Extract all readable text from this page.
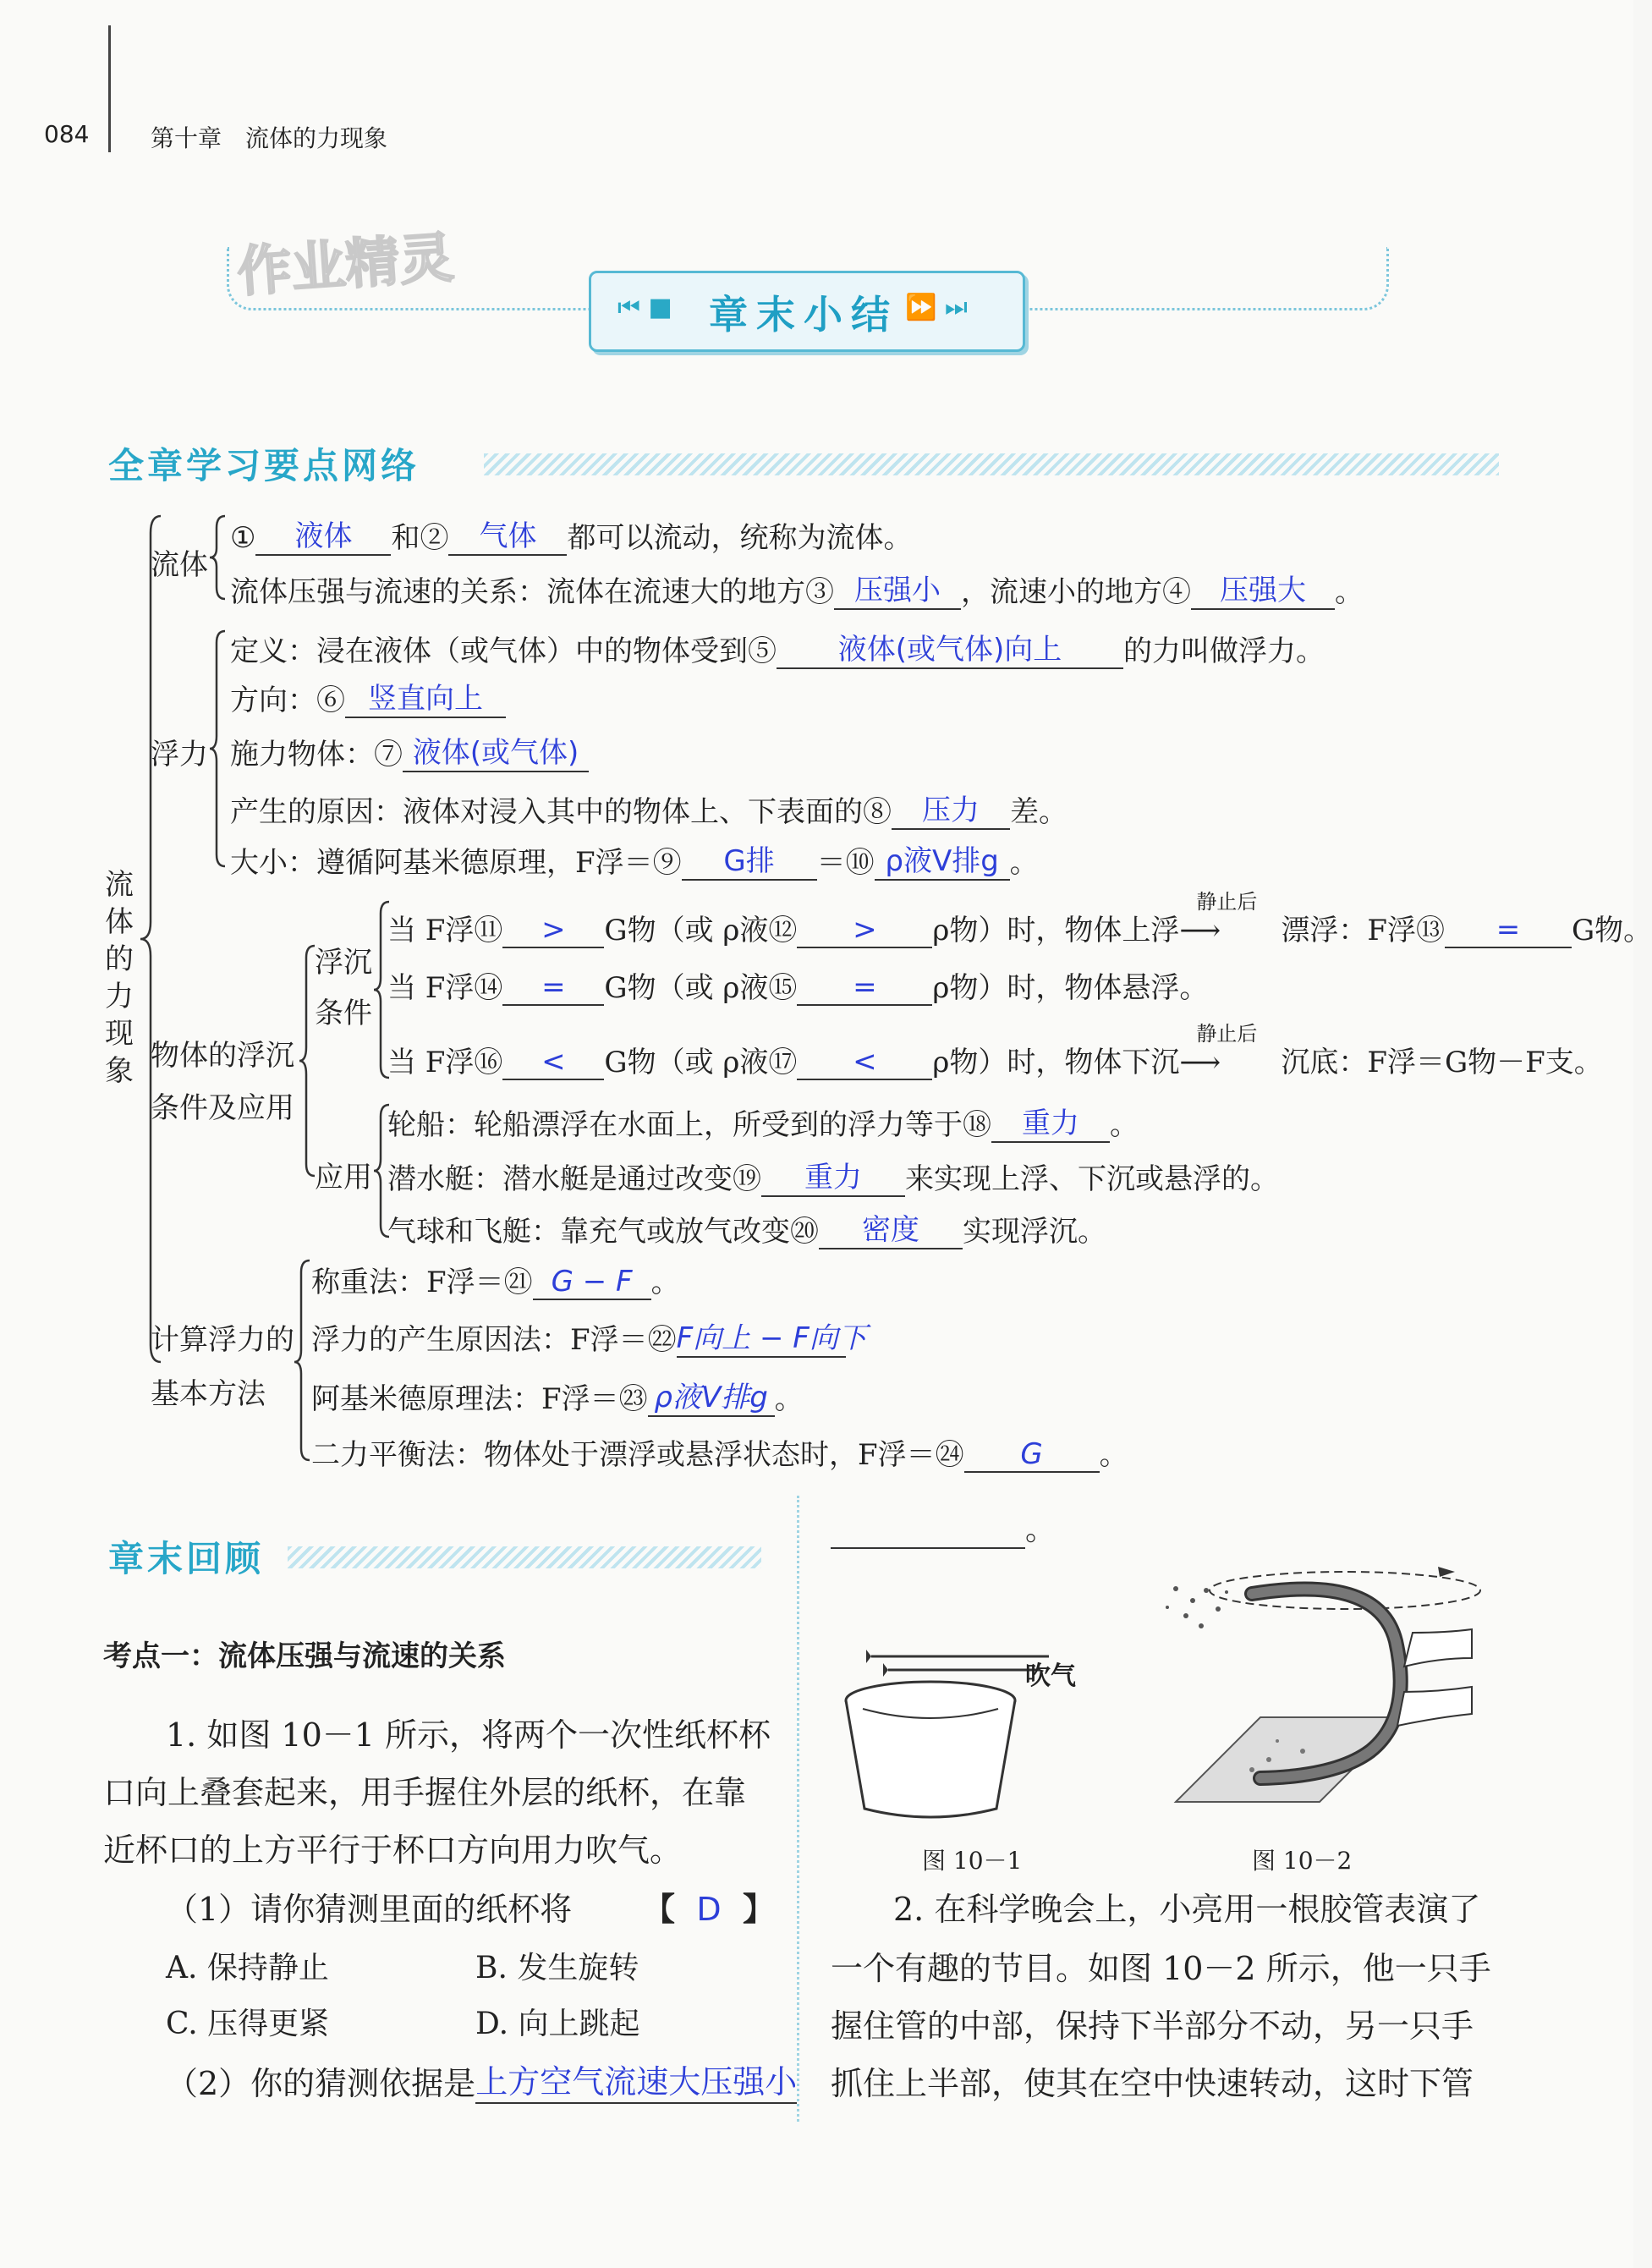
084	第十章　流体的力现象
作业精灵
⏮ ■ 章末小结 ⏩ ⏭
全章学习要点网络
流体的力现象
流体
① 液体 和② 气体 都可以流动，统称为流体。
流体压强与流速的关系：流体在流速大的地方③ 压强小 ，流速小的地方④ 压强大 。
浮力
定义：浸在液体（或气体）中的物体受到⑤ 液体(或气体)向上 的力叫做浮力。
方向：⑥ 竖直向上
施力物体：⑦ 液体(或气体)
产生的原因：液体对浸入其中的物体上、下表面的⑧ 压力 差。
大小：遵循阿基米德原理，F浮＝⑨ G排 ＝⑩ ρ液V排g 。
物体的浮沉
条件及应用
浮沉
条件
当 F浮⑪ > G物（或 ρ液⑫ > ρ物）时，物体上浮
静止后
⟶ 漂浮：F浮⑬ = G物。
当 F浮⑭ = G物（或 ρ液⑮ = ρ物）时，物体悬浮。
当 F浮⑯ < G物（或 ρ液⑰ < ρ物）时，物体下沉
静止后
⟶ 沉底：F浮＝G物－F支。
应用
轮船：轮船漂浮在水面上，所受到的浮力等于⑱ 重力 。
潜水艇：潜水艇是通过改变⑲ 重力 来实现上浮、下沉或悬浮的。
气球和飞艇：靠充气或放气改变⑳ 密度 实现浮沉。
计算浮力的
基本方法
称重法：F浮＝㉑ G − F 。
浮力的产生原因法：F浮＝㉒F向上 − F向下
阿基米德原理法：F浮＝㉓ ρ液V排g 。
二力平衡法：物体处于漂浮或悬浮状态时，F浮＝㉔ G 。
章末回顾
考点一：流体压强与流速的关系
1. 如图 10－1 所示，将两个一次性纸杯杯
口向上叠套起来，用手握住外层的纸杯，在靠
近杯口的上方平行于杯口方向用力吹气。
（1）请你猜测里面的纸杯将 【 D 】
A. 保持静止	B. 发生旋转
C. 压得更紧	D. 向上跳起
（2）你的猜测依据是上方空气流速大压强小
。
吹气
图 10－1	图 10－2
2. 在科学晚会上，小亮用一根胶管表演了
一个有趣的节目。如图 10－2 所示，他一只手
握住管的中部，保持下半部分不动，另一只手
抓住上半部，使其在空中快速转动，这时下管
